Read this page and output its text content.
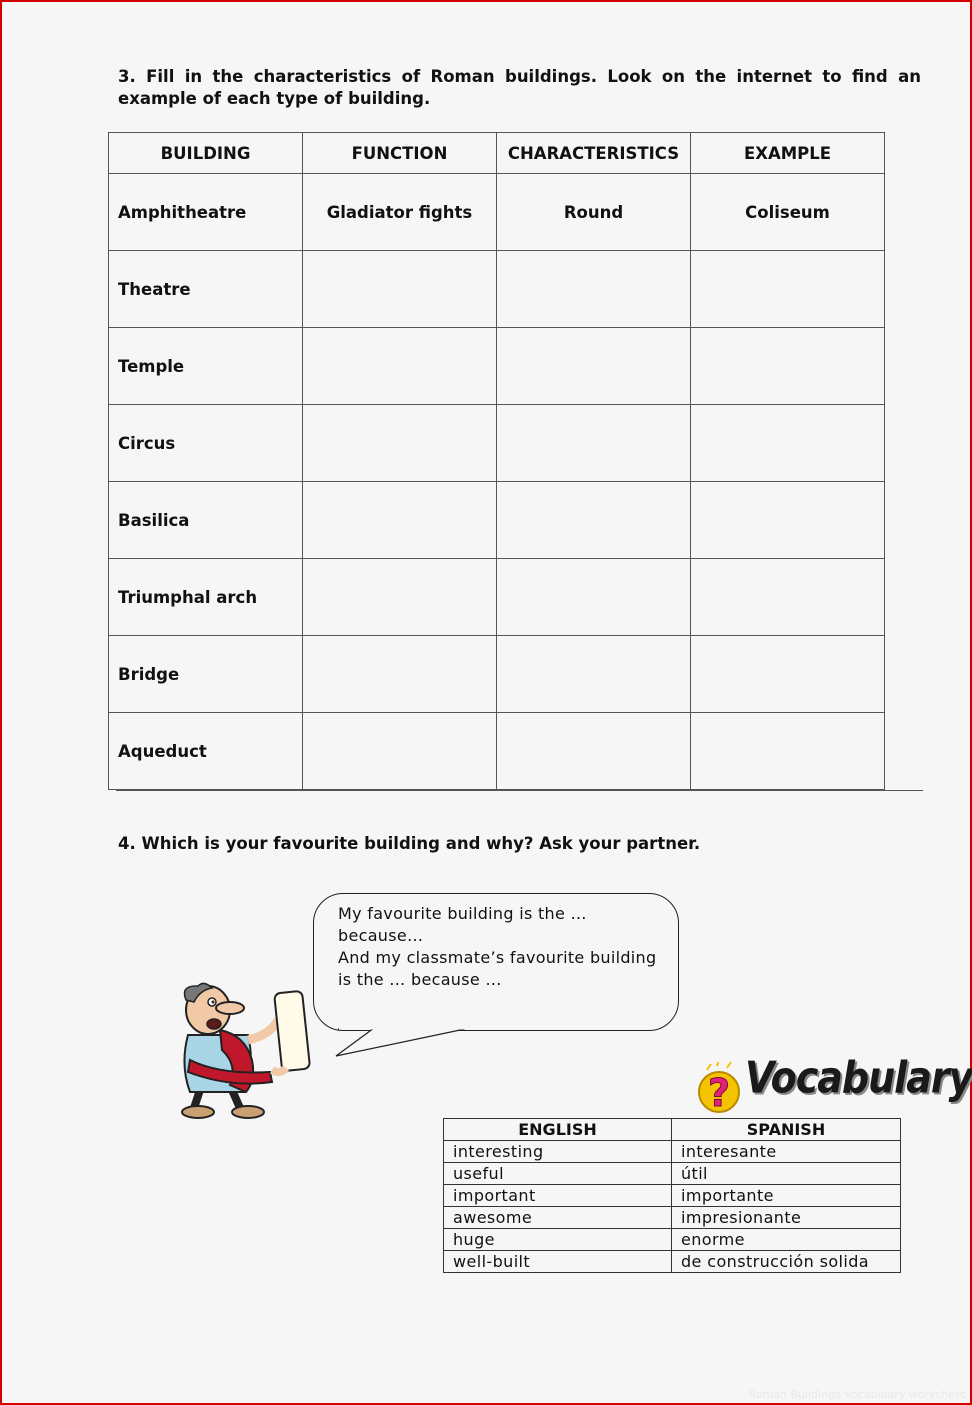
3. Fill in the characteristics of Roman buildings. Look on the internet to find an example of each type of building.
BUILDING	FUNCTION	CHARACTERISTICS	EXAMPLE
Amphitheatre	Gladiator fights	Round	Coliseum
Theatre			
Temple			
Circus			
Basilica			
Triumphal arch			
Bridge			
Aqueduct			
4. Which is your favourite building and why? Ask your partner.
My favourite building is the …
because…
And my classmate’s favourite building
is the … because …
? Vocabulary
ENGLISH	SPANISH
interesting	interesante
useful	útil
important	importante
awesome	impresionante
huge	enorme
well-built	de construcción solida
Roman Buildings Vocabulary worksheet
